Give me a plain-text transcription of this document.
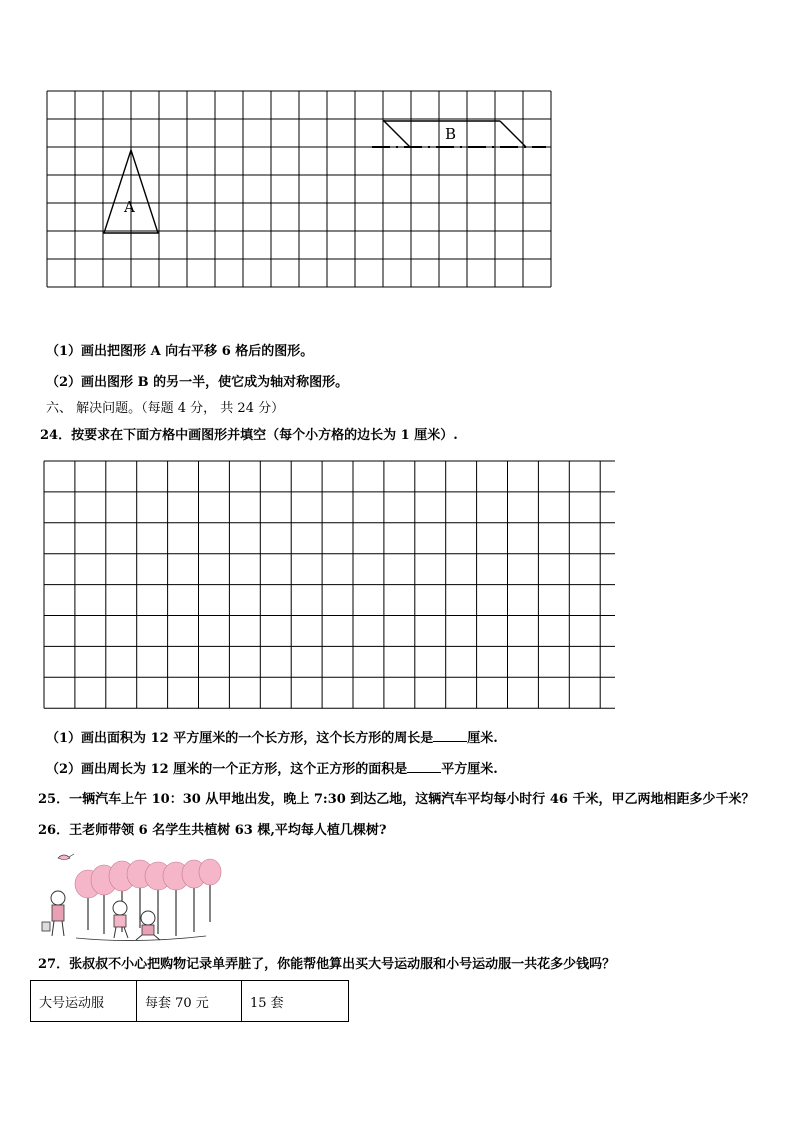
A
B
（1）画出把图形 A 向右平移 6 格后的图形。
（2）画出图形 B 的另一半，使它成为轴对称图形。
六、 解决问题。（每题 4 分， 共 24 分）
24．按要求在下面方格中画图形并填空（每个小方格的边长为 1 厘米）.
（1）画出面积为 12 平方厘米的一个长方形，这个长方形的周长是	厘米.
（2）画出周长为 12 厘米的一个正方形，这个正方形的面积是	平方厘米.
25．一辆汽车上午 10：30 从甲地出发，晚上 7:30 到达乙地，这辆汽车平均每小时行 46 千米，甲乙两地相距多少千米？
26．王老师带领 6 名学生共植树 63 棵,平均每人植几棵树?
27．张叔叔不小心把购物记录单弄脏了，你能帮他算出买大号运动服和小号运动服一共花多少钱吗？
大号运动服	每套 70 元	15 套
